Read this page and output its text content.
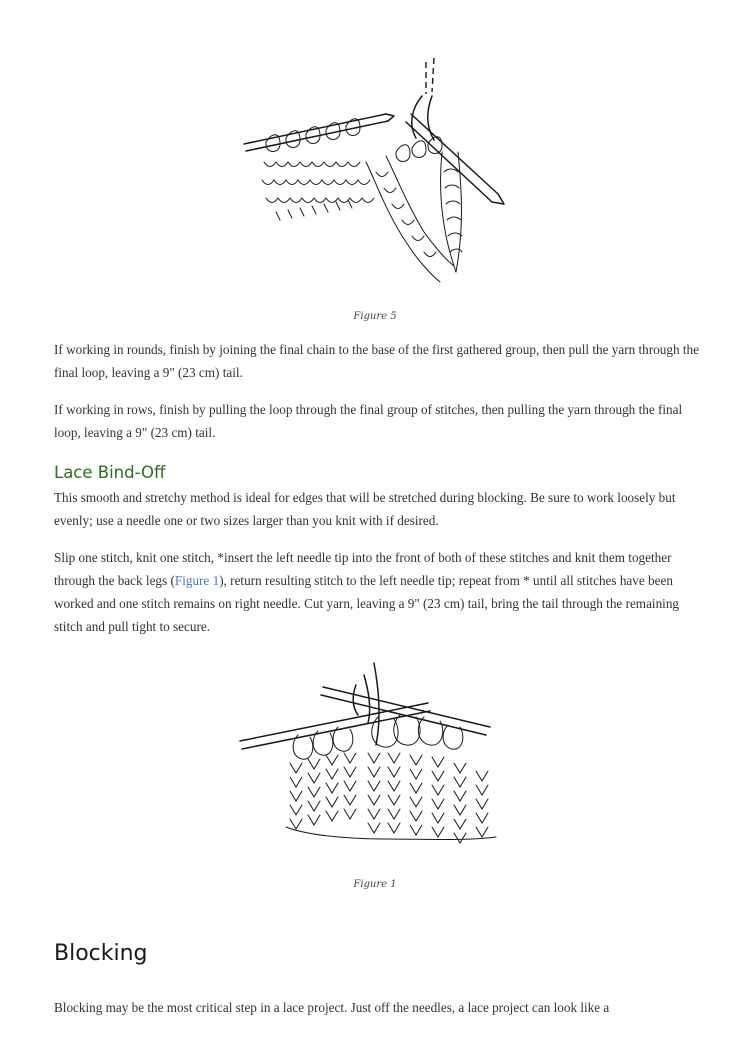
Figure 5

If working in rounds, finish by joining the final chain to the base of the first gathered group, then pull the yarn through the final loop, leaving a 9" (23 cm) tail.

If working in rows, finish by pulling the loop through the final group of stitches, then pulling the yarn through the final loop, leaving a 9" (23 cm) tail.

Lace Bind-Off

This smooth and stretchy method is ideal for edges that will be stretched during blocking. Be sure to work loosely but evenly; use a needle one or two sizes larger than you knit with if desired.

Slip one stitch, knit one stitch, *insert the left needle tip into the front of both of these stitches and knit them together through the back legs (Figure 1), return resulting stitch to the left needle tip; repeat from * until all stitches have been worked and one stitch remains on right needle. Cut yarn, leaving a 9" (23 cm) tail, bring the tail through the remaining stitch and pull tight to secure.

Figure 1
Blocking

Blocking may be the most critical step in a lace project. Just off the needles, a lace project can look like a
